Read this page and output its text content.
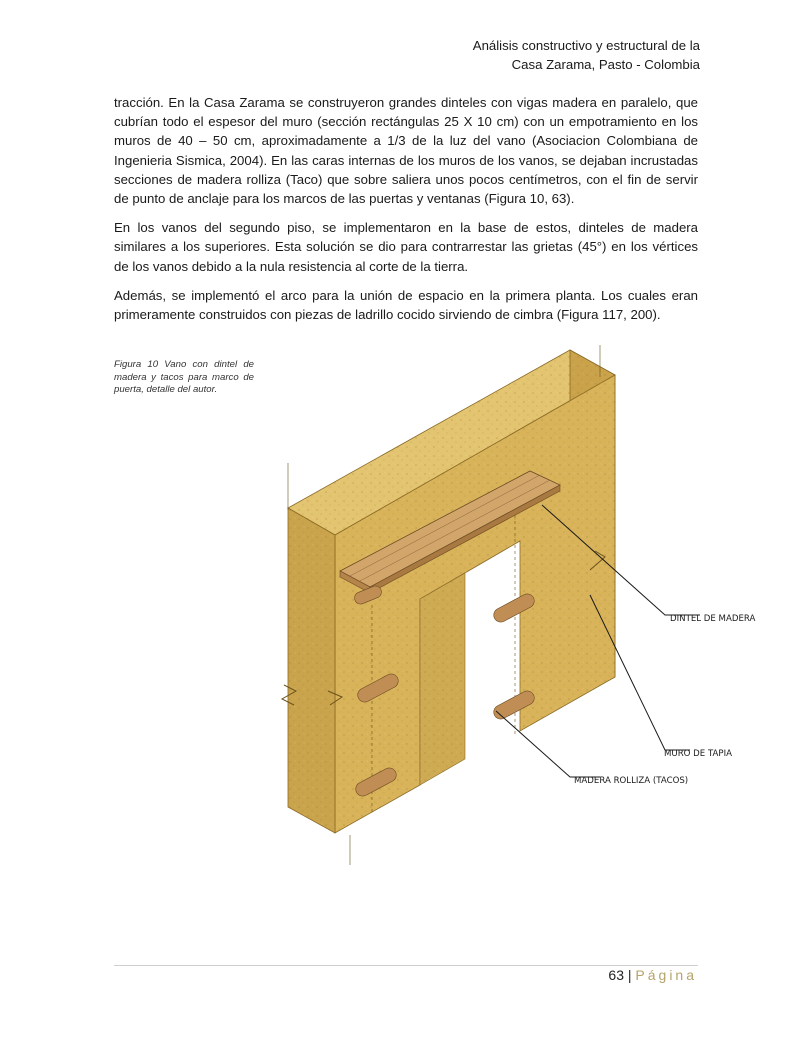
Análisis constructivo y estructural de la
Casa Zarama, Pasto - Colombia

tracción. En la Casa Zarama se construyeron grandes dinteles con vigas madera en paralelo, que cubrían todo el espesor del muro (sección rectángulas 25 X 10 cm) con un empotramiento en los muros de 40 – 50 cm, aproximadamente a 1/3 de la luz del vano (Asociacion Colombiana de Ingenieria Sismica, 2004). En las caras internas de los muros de los vanos, se dejaban incrustadas secciones de madera rolliza (Taco) que sobre saliera unos pocos centímetros, con el fin de servir de punto de anclaje para los marcos de las puertas y ventanas (Figura 10, 63).

En los vanos del segundo piso, se implementaron en la base de estos, dinteles de madera similares a los superiores. Esta solución se dio para contrarrestar las grietas (45°) en los vértices de los vanos debido a la nula resistencia al corte de la tierra.

Además, se implementó el arco para la unión de espacio en la primera planta. Los cuales eran primeramente construidos con piezas de ladrillo cocido sirviendo de cimbra (Figura 117, 200).

Figura 10 Vano con dintel de madera y tacos para marco de puerta, detalle del autor.
DINTEL DE MADERA
MURO DE TAPIA
MADERA ROLLIZA (TACOS)
63 | Página
